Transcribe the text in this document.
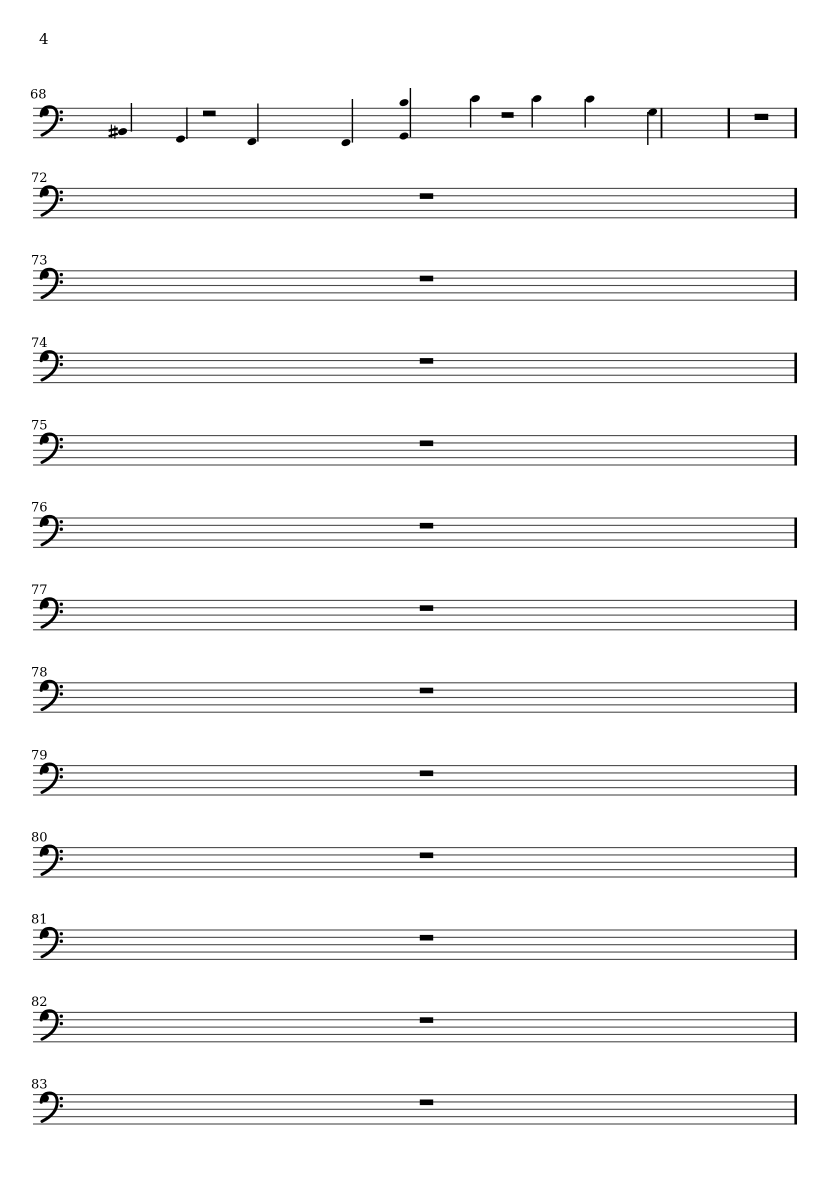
4
68
72
73
74
75
76
77
78
79
80
81
82
83
